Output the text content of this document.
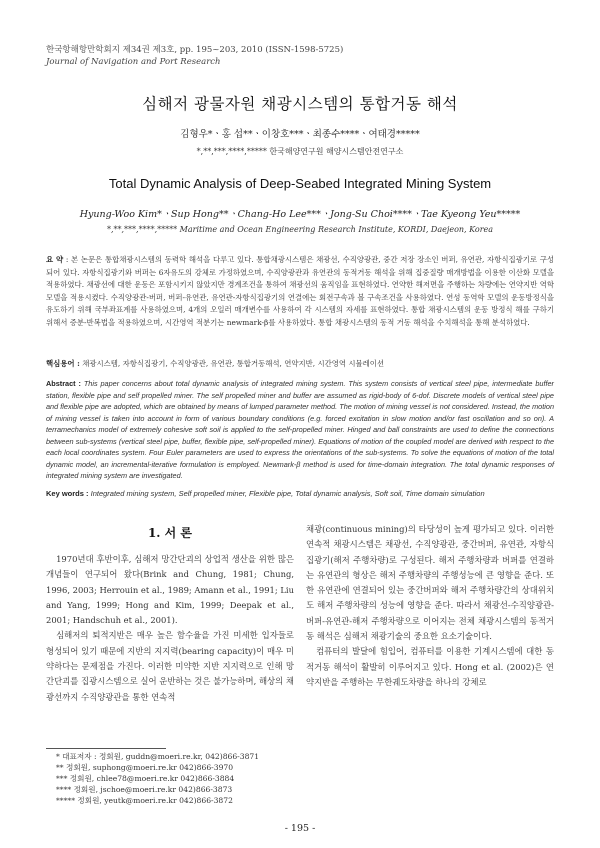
한국항해항만학회지 제34권 제3호, pp. 195~203, 2010 (ISSN-1598-5725)
Journal of Navigation and Port Research
심해저 광물자원 채광시스템의 통합거동 해석
김형우*ㆍ홍 섭**ㆍ이창호***ㆍ최종수****ㆍ여태경*****
*,**,***,****,***** 한국해양연구원 해양시스템안전연구소
Total Dynamic Analysis of Deep-Seabed Integrated Mining System
Hyung-Woo Kim*ㆍSup Hong**ㆍChang-Ho Lee***ㆍJong-Su Choi****ㆍTae Kyeong Yeu*****
*,**,***,****,***** Maritime and Ocean Engineering Research Institute, KORDI, Daejeon, Korea
요 약 : 본 논문은 통합채광시스템의 동력학 해석을 다루고 있다. 통합채광시스템은 채광선, 수직양광관, 중간 저장 장소인 버퍼, 유연관, 자항식집광기로 구성되어 있다. 자항식집광기와 버퍼는 6자유도의 강체로 가정하였으며, 수직양광관과 유연관의 동적거동 해석을 위해 집중질량 매개방법을 이용한 이산화 모델을 적용하였다. 채광선에 대한 운동은 포함시키지 않았지만 경계조건을 통하여 채광선의 움직임을 표현하였다. 연약한 해저면을 주행하는 차량에는 연약지반 역학 모델을 적용시켰다. 수직양광관-버퍼, 버퍼-유연관, 유연관-자항식집광기의 연결에는 회전구속과 볼 구속조건을 사용하였다. 연성 동역학 모델의 운동방정식을 유도하기 위해 국부좌표계를 사용하였으며, 4개의 오일러 매개변수를 사용하여 각 시스템의 자세를 표현하였다. 통합 채광시스템의 운동 방정식 해를 구하기 위해서 증분-반복법을 적용하였으며, 시간영역 적분기는 newmark-β를 사용하였다. 통합 채광시스템의 동적 거동 해석을 수치해석을 통해 분석하였다.
핵심용어 : 채광시스템, 자항식집광기, 수직양광관, 유연관, 통합거동해석, 연약지반, 시간영역 시뮬레이션
Abstract : This paper concerns about total dynamic analysis of integrated mining system. This system consists of vertical steel pipe, intermediate buffer station, flexible pipe and self propelled miner. The self propelled miner and buffer are assumed as rigid-body of 6-dof. Discrete models of vertical steel pipe and flexible pipe are adopted, which are obtained by means of lumped parameter method. The motion of mining vessel is not considered. Instead, the motion of mining vessel is taken into account in form of various boundary conditions (e.g. forced excitation in slow motion and/or fast oscillation and so on). A terramechanics model of extremely cohesive soft soil is applied to the self-propelled miner. Hinged and ball constraints are used to define the connections between sub-systems (vertical steel pipe, buffer, flexible pipe, self-propelled miner). Equations of motion of the coupled model are derived with respect to the each local coordinates system. Four Euler parameters are used to express the orientations of the sub-systems. To solve the equations of motion of the total dynamic model, an incremental-iterative formulation is employed. Newmark-β method is used for time-domain integration. The total dynamic responses of integrated mining system are investigated.
Key words : Integrated mining system, Self propelled miner, Flexible pipe, Total dynamic analysis, Soft soil, Time domain simulation
1. 서 론

1970년대 후반이후, 심해저 망간단괴의 상업적 생산을 위한 많은 개념들이 연구되어 왔다(Brink and Chung, 1981; Chung, 1996, 2003; Herrouin et al., 1989; Amann et al., 1991; Liu and Yang, 1999; Hong and Kim, 1999; Deepak et al., 2001; Handschuh et al., 2001).

심해저의 퇴적지반은 매우 높은 함수율을 가진 미세한 입자들로 형성되어 있기 때문에 지반의 지지력(bearing capacity)이 매우 미약하다는 문제점을 가진다. 이러한 미약한 지반 지지력으로 인해 망간단괴를 집광시스템으로 실어 운반하는 것은 불가능하며, 해상의 채광선까지 수직양광관을 통한 연속적

채광(continuous mining)의 타당성이 높게 평가되고 있다. 이러한 연속적 채광시스템은 채광선, 수직양광관, 중간버퍼, 유연관, 자항식 집광기(해저 주행차량)로 구성된다. 해저 주행차량과 버퍼를 연결하는 유연관의 형상은 해저 주행차량의 주행성능에 큰 영향을 준다. 또한 유연관에 연결되어 있는 중간버퍼와 해저 주행차량간의 상대위치도 해저 주행차량의 성능에 영향을 준다. 따라서 채광선-수직양광관-버퍼-유연관-해저 주행차량으로 이어지는 전체 채광시스템의 동적거동 해석은 심해저 채광기술의 중요한 요소기술이다.

컴퓨터의 발달에 힘입어, 컴퓨터를 이용한 기계시스템에 대한 동적거동 해석이 활발히 이루어지고 있다. Hong et al. (2002)은 연약지반을 주행하는 무한궤도차량을 하나의 강체로

* 대표저자 : 정회원, guddn@moeri.re.kr, 042)866-3871
** 정회원, suphong@moeri.re.kr 042)866-3970
*** 정회원, chlee78@moeri.re.kr 042)866-3884
**** 정회원, jschoe@moeri.re.kr 042)866-3873
***** 정회원, yeutk@moeri.re.kr 042)866-3872
- 195 -
